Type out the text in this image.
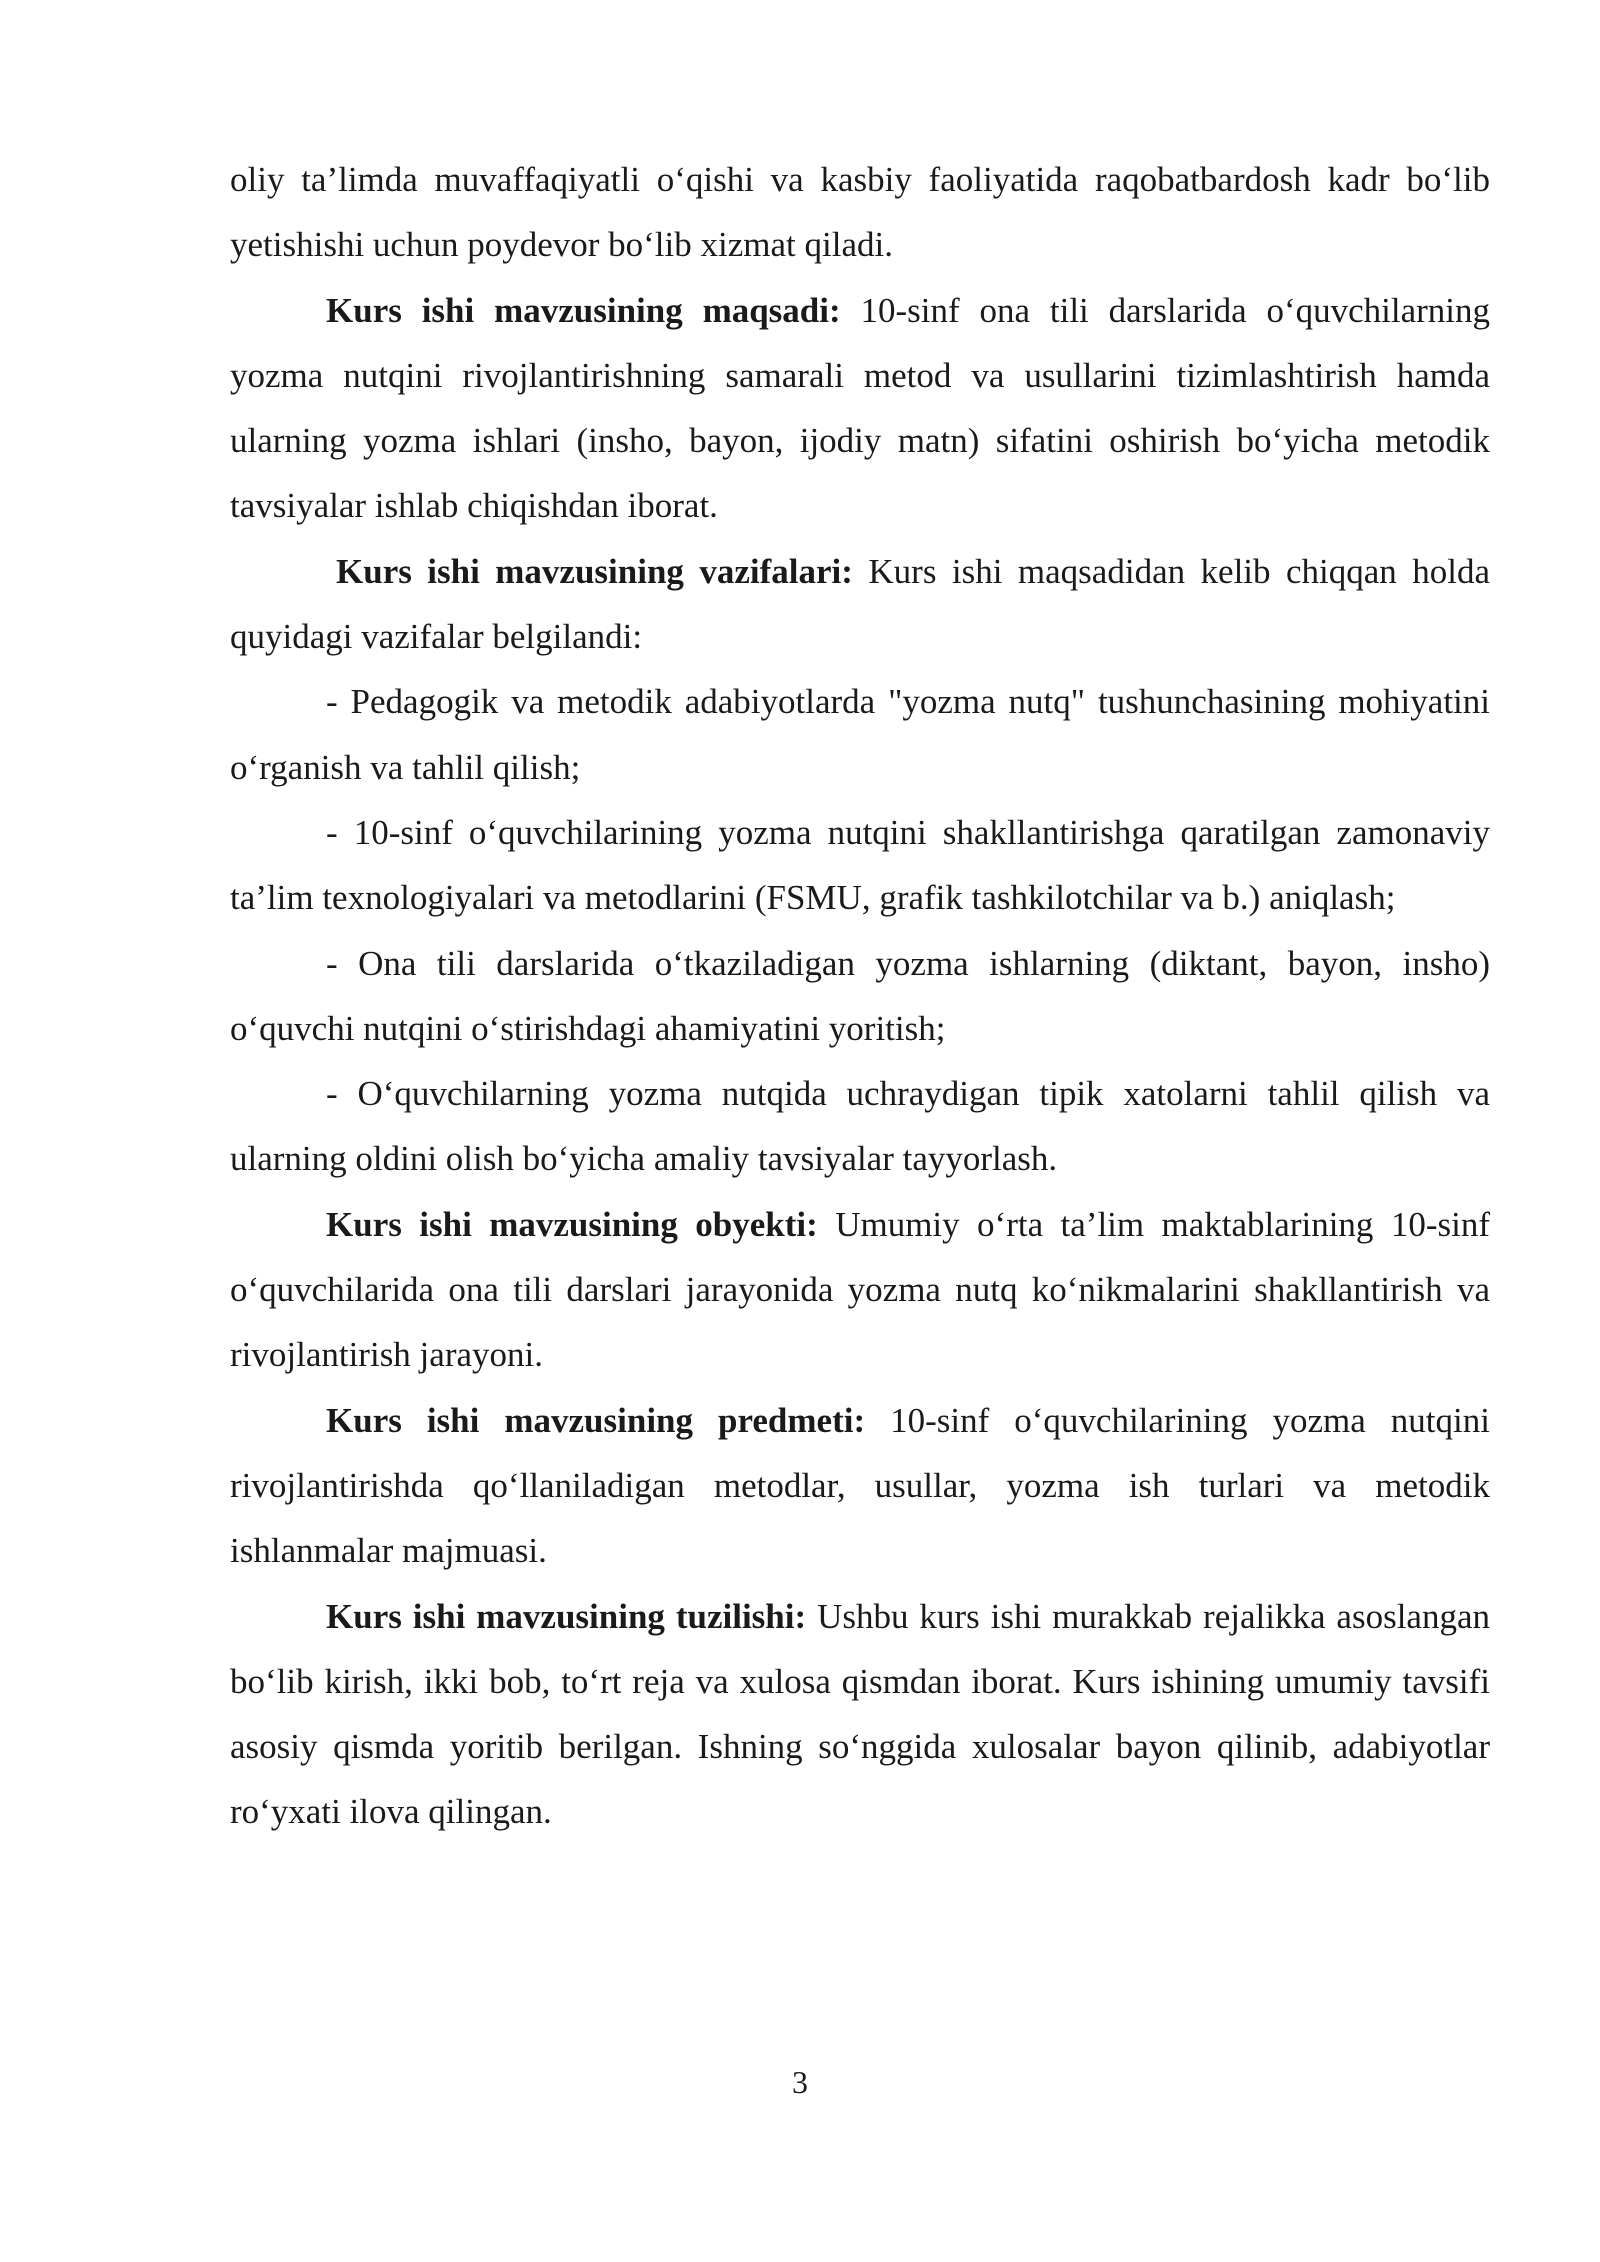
oliy ta’limda muvaffaqiyatli o‘qishi va kasbiy faoliyatida raqobatbardosh kadr bo‘lib yetishishi uchun poydevor bo‘lib xizmat qiladi.

Kurs ishi mavzusining maqsadi: 10-sinf ona tili darslarida o‘quvchilarning yozma nutqini rivojlantirishning samarali metod va usullarini tizimlashtirish hamda ularning yozma ishlari (insho, bayon, ijodiy matn) sifatini oshirish bo‘yicha metodik tavsiyalar ishlab chiqishdan iborat.

Kurs ishi mavzusining vazifalari: Kurs ishi maqsadidan kelib chiqqan holda quyidagi vazifalar belgilandi:

- Pedagogik va metodik adabiyotlarda "yozma nutq" tushunchasining mohiyatini o‘rganish va tahlil qilish;

- 10-sinf o‘quvchilarining yozma nutqini shakllantirishga qaratilgan zamonaviy ta’lim texnologiyalari va metodlarini (FSMU, grafik tashkilotchilar va b.) aniqlash;

- Ona tili darslarida o‘tkaziladigan yozma ishlarning (diktant, bayon, insho) o‘quvchi nutqini o‘stirishdagi ahamiyatini yoritish;

- O‘quvchilarning yozma nutqida uchraydigan tipik xatolarni tahlil qilish va ularning oldini olish bo‘yicha amaliy tavsiyalar tayyorlash.

Kurs ishi mavzusining obyekti: Umumiy o‘rta ta’lim maktablarining 10-sinf o‘quvchilarida ona tili darslari jarayonida yozma nutq ko‘nikmalarini shakllantirish va rivojlantirish jarayoni.

Kurs ishi mavzusining predmeti: 10-sinf o‘quvchilarining yozma nutqini rivojlantirishda qo‘llaniladigan metodlar, usullar, yozma ish turlari va metodik ishlanmalar majmuasi.

Kurs ishi mavzusining tuzilishi: Ushbu kurs ishi murakkab rejalikka asoslangan bo‘lib kirish, ikki bob, to‘rt reja va xulosa qismdan iborat. Kurs ishining umumiy tavsifi asosiy qismda yoritib berilgan. Ishning so‘nggida xulosalar bayon qilinib, adabiyotlar ro‘yxati ilova qilingan.

3
